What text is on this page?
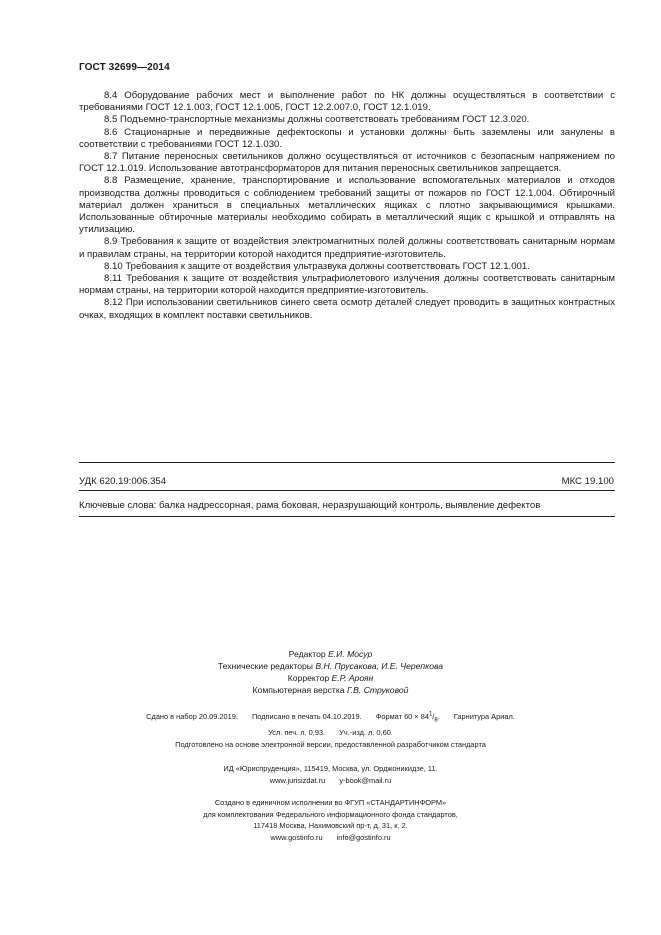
ГОСТ 32699—2014

8.4 Оборудование рабочих мест и выполнение работ по НК должны осуществляться в соответствии с требованиями ГОСТ 12.1.003, ГОСТ 12.1.005, ГОСТ 12.2.007.0, ГОСТ 12.1.019.

8.5 Подъемно-транспортные механизмы должны соответствовать требованиям ГОСТ 12.3.020.

8.6 Стационарные и передвижные дефектоскопы и установки должны быть заземлены или занулены в соответствии с требованиями ГОСТ 12.1.030.

8.7 Питание переносных светильников должно осуществляться от источников с безопасным напряжением по ГОСТ 12.1.019. Использование автотрансформаторов для питания переносных светильников запрещается.

8.8 Размещение, хранение, транспортирование и использование вспомогательных материалов и отходов производства должны проводиться с соблюдением требований защиты от пожаров по ГОСТ 12.1.004. Обтирочный материал должен храниться в специальных металлических ящиках с плотно закрывающимися крышками. Использованные обтирочные материалы необходимо собирать в металлический ящик с крышкой и отправлять на утилизацию.

8.9 Требования к защите от воздействия электромагнитных полей должны соответствовать санитарным нормам и правилам страны, на территории которой находится предприятие-изготовитель.

8.10 Требования к защите от воздействия ультразвука должны соответствовать ГОСТ 12.1.001.

8.11 Требования к защите от воздействия ультрафиолетового излучения должны соответствовать санитарным нормам страны, на территории которой находится предприятие-изготовитель.

8.12 При использовании светильников синего света осмотр деталей следует проводить в защитных контрастных очках, входящих в комплект поставки светильников.

УДК 620.19:006.354	МКС 19.100
Ключевые слова: балка надрессорная, рама боковая, неразрушающий контроль, выявление дефектов
Редактор Е.И. Мосур
Технические редакторы В.Н. Прусакова, И.Е. Черепкова
Корректор Е.Р. Ароян
Компьютерная верстка Г.В. Струковой
Сдано в набор 20.09.2019. Подписано в печать 04.10.2019. Формат $60 \times 84^1/_8$. Гарнитура Ариал.
Усл. печ. л. 0,93. Уч.-изд. л. 0,60.
Подготовлено на основе электронной версии, предоставленной разработчиком стандарта
ИД «Юриспруденция», 115419, Москва, ул. Орджоникидзе, 11.
www.jurisizdat.ru y-book@mail.ru
Создано в единичном исполнении во ФГУП «СТАНДАРТИНФОРМ»
для комплектования Федерального информационного фонда стандартов,
117418 Москва, Нахимовский пр-т, д. 31, к. 2.
www.gostinfo.ru info@gostinfo.ru
